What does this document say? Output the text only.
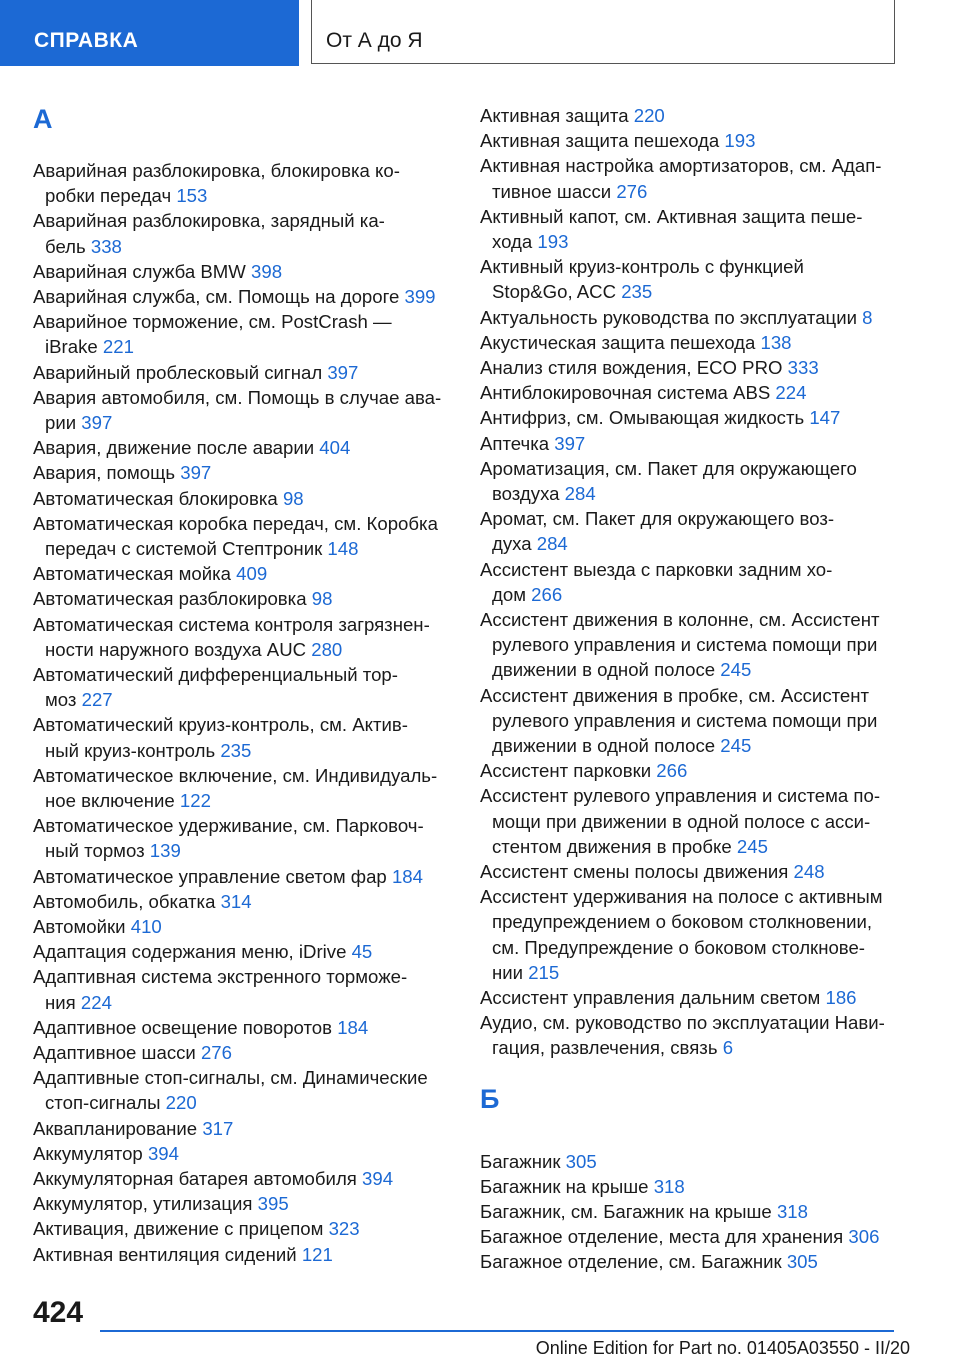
СПРАВКА	От А до Я
А
Аварийная разблокировка, блокировка ко-
робки передач 153
Аварийная разблокировка, зарядный ка-
бель 338
Аварийная служба BMW 398
Аварийная служба, см. Помощь на дороге 399
Аварийное торможение, см. PostCrash —
iBrake 221
Аварийный проблесковый сигнал 397
Авария автомобиля, см. Помощь в случае ава-
рии 397
Авария, движение после аварии 404
Авария, помощь 397
Автоматическая блокировка 98
Автоматическая коробка передач, см. Коробка
передач с системой Стептроник 148
Автоматическая мойка 409
Автоматическая разблокировка 98
Автоматическая система контроля загрязнен-
ности наружного воздуха AUC 280
Автоматический дифференциальный тор-
моз 227
Автоматический круиз-контроль, см. Актив-
ный круиз-контроль 235
Автоматическое включение, см. Индивидуаль-
ное включение 122
Автоматическое удерживание, см. Парковоч-
ный тормоз 139
Автоматическое управление светом фар 184
Автомобиль, обкатка 314
Автомойки 410
Адаптация содержания меню, iDrive 45
Адаптивная система экстренного торможе-
ния 224
Адаптивное освещение поворотов 184
Адаптивное шасси 276
Адаптивные стоп-сигналы, см. Динамические
стоп-сигналы 220
Аквапланирование 317
Аккумулятор 394
Аккумуляторная батарея автомобиля 394
Аккумулятор, утилизация 395
Активация, движение с прицепом 323
Активная вентиляция сидений 121
Активная защита 220
Активная защита пешехода 193
Активная настройка амортизаторов, см. Адап-
тивное шасси 276
Активный капот, см. Активная защита пеше-
хода 193
Активный круиз-контроль с функцией
Stop&Go, ACC 235
Актуальность руководства по эксплуатации 8
Акустическая защита пешехода 138
Анализ стиля вождения, ECO PRO 333
Антиблокировочная система ABS 224
Антифриз, см. Омывающая жидкость 147
Аптечка 397
Ароматизация, см. Пакет для окружающего
воздуха 284
Аромат, см. Пакет для окружающего воз-
духа 284
Ассистент выезда с парковки задним хо-
дом 266
Ассистент движения в колонне, см. Ассистент
рулевого управления и система помощи при
движении в одной полосе 245
Ассистент движения в пробке, см. Ассистент
рулевого управления и система помощи при
движении в одной полосе 245
Ассистент парковки 266
Ассистент рулевого управления и система по-
мощи при движении в одной полосе с асси-
стентом движения в пробке 245
Ассистент смены полосы движения 248
Ассистент удерживания на полосе с активным
предупреждением о боковом столкновении,
см. Предупреждение о боковом столкнове-
нии 215
Ассистент управления дальним светом 186
Аудио, см. руководство по эксплуатации Нави-
гация, развлечения, связь 6
Б
Багажник 305
Багажник на крыше 318
Багажник, см. Багажник на крыше 318
Багажное отделение, места для хранения 306
Багажное отделение, см. Багажник 305
424
Online Edition for Part no. 01405A03550 - II/20
